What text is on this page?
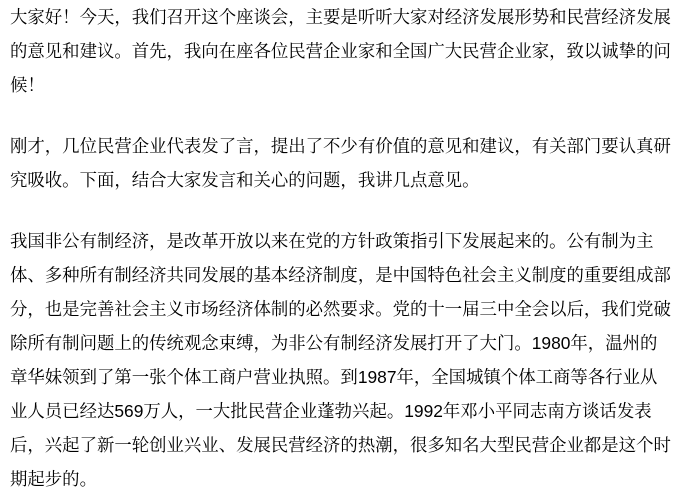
大家好！今天，我们召开这个座谈会，主要是听听大家对经济发展形势和民营经济发展的意见和建议。首先，我向在座各位民营企业家和全国广大民营企业家，致以诚挚的问候！

刚才，几位民营企业代表发了言，提出了不少有价值的意见和建议，有关部门要认真研究吸收。下面，结合大家发言和关心的问题，我讲几点意见。

我国非公有制经济，是改革开放以来在党的方针政策指引下发展起来的。公有制为主体、多种所有制经济共同发展的基本经济制度，是中国特色社会主义制度的重要组成部分，也是完善社会主义市场经济体制的必然要求。党的十一届三中全会以后，我们党破除所有制问题上的传统观念束缚，为非公有制经济发展打开了大门。1980年，温州的章华妹领到了第一张个体工商户营业执照。到1987年，全国城镇个体工商等各行业从业人员已经达569万人，一大批民营企业蓬勃兴起。1992年邓小平同志南方谈话发表后，兴起了新一轮创业兴业、发展民营经济的热潮，很多知名大型民营企业都是这个时期起步的。
